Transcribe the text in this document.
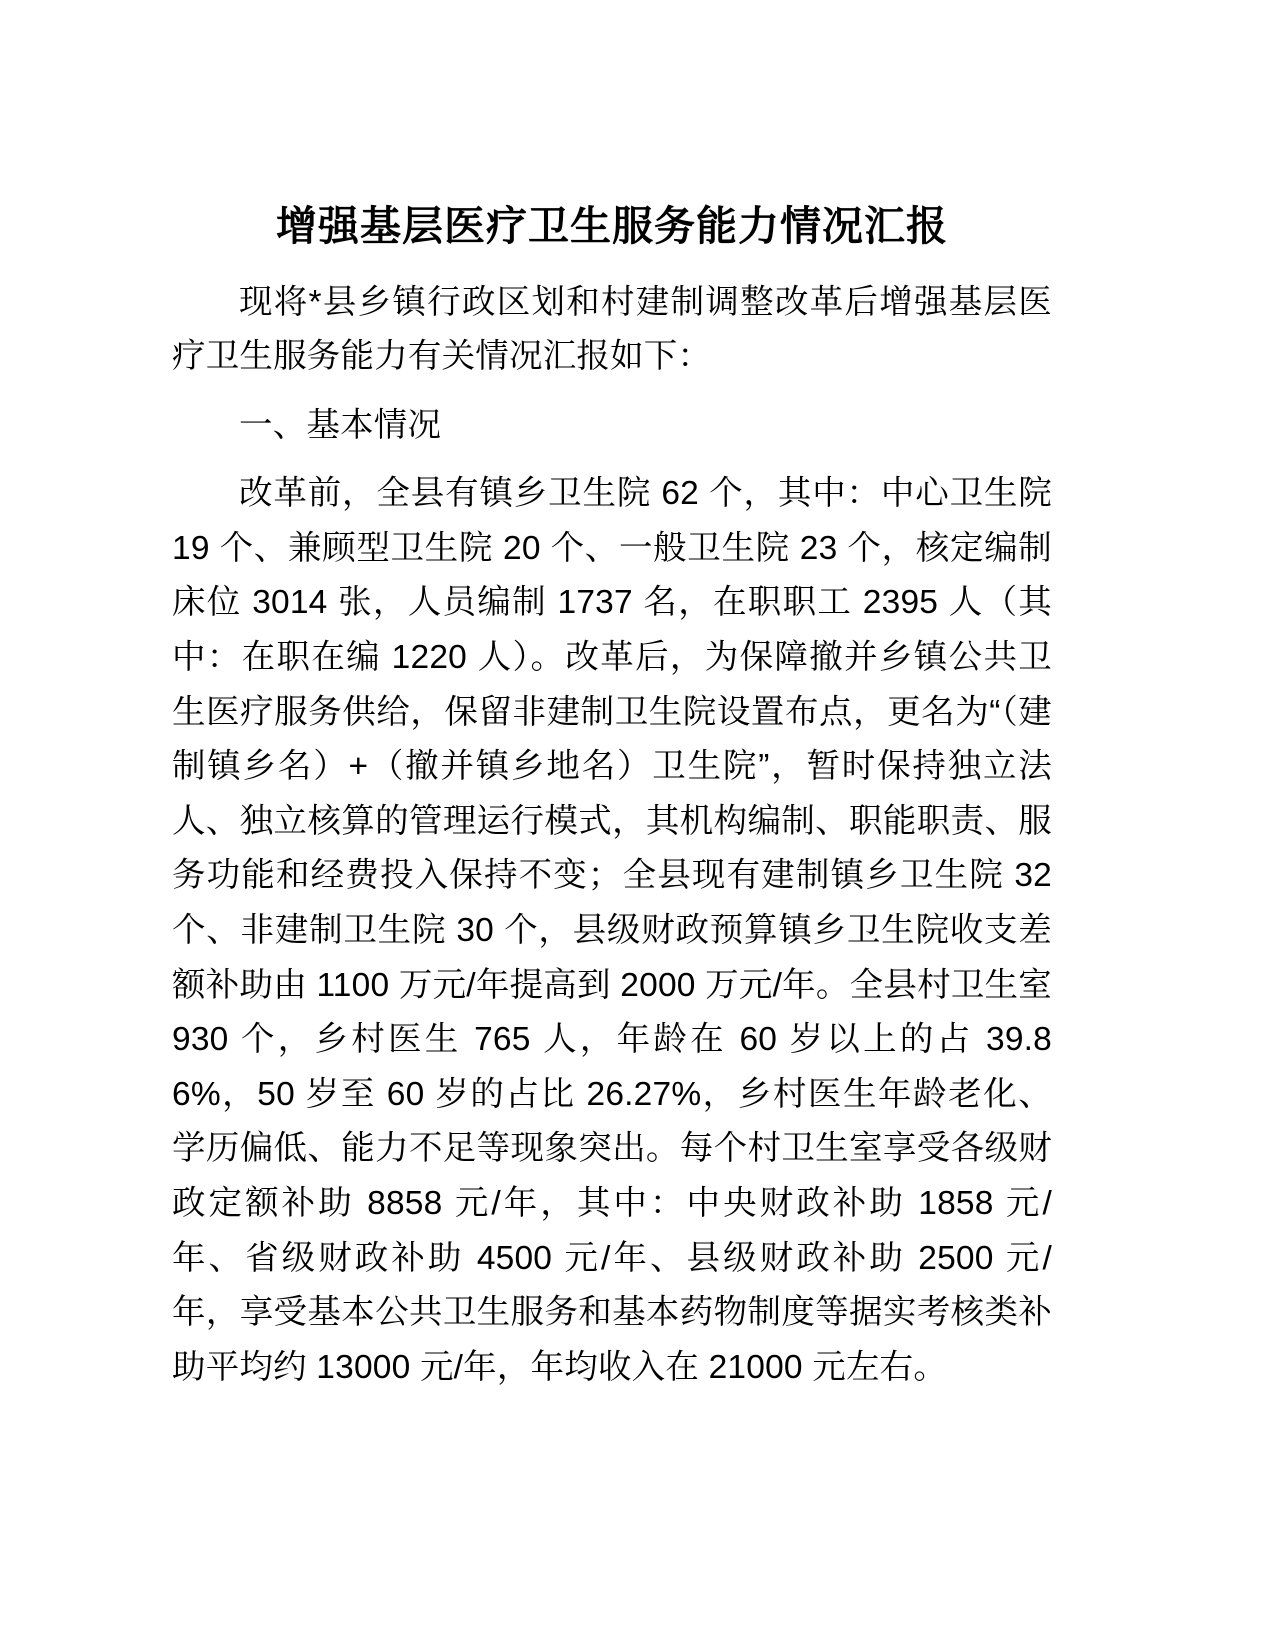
增强基层医疗卫生服务能力情况汇报

现将*县乡镇行政区划和村建制调整改革后增强基层医疗卫生服务能力有关情况汇报如下：

一、基本情况

改革前，全县有镇乡卫生院 62 个，其中：中心卫生院 19 个、兼顾型卫生院 20 个、一般卫生院 23 个，核定编制床位 3014 张，人员编制 1737 名，在职职工 2395 人（其中：在职在编 1220 人）。改革后，为保障撤并乡镇公共卫生医疗服务供给，保留非建制卫生院设置布点，更名为“（建制镇乡名）+（撤并镇乡地名）卫生院”，暂时保持独立法人、独立核算的管理运行模式，其机构编制、职能职责、服务功能和经费投入保持不变；全县现有建制镇乡卫生院 32 个、非建制卫生院 30 个，县级财政预算镇乡卫生院收支差额补助由 1100 万元/年提高到 2000 万元/年。全县村卫生室 930 个，乡村医生 765 人，年龄在 60 岁以上的占 39.86%，50 岁至 60 岁的占比 26.27%，乡村医生年龄老化、学历偏低、能力不足等现象突出。每个村卫生室享受各级财政定额补助 8858 元/年，其中：中央财政补助 1858 元/年、省级财政补助 4500 元/年、县级财政补助 2500 元/年，享受基本公共卫生服务和基本药物制度等据实考核类补助平均约 13000 元/年，年均收入在 21000 元左右。
